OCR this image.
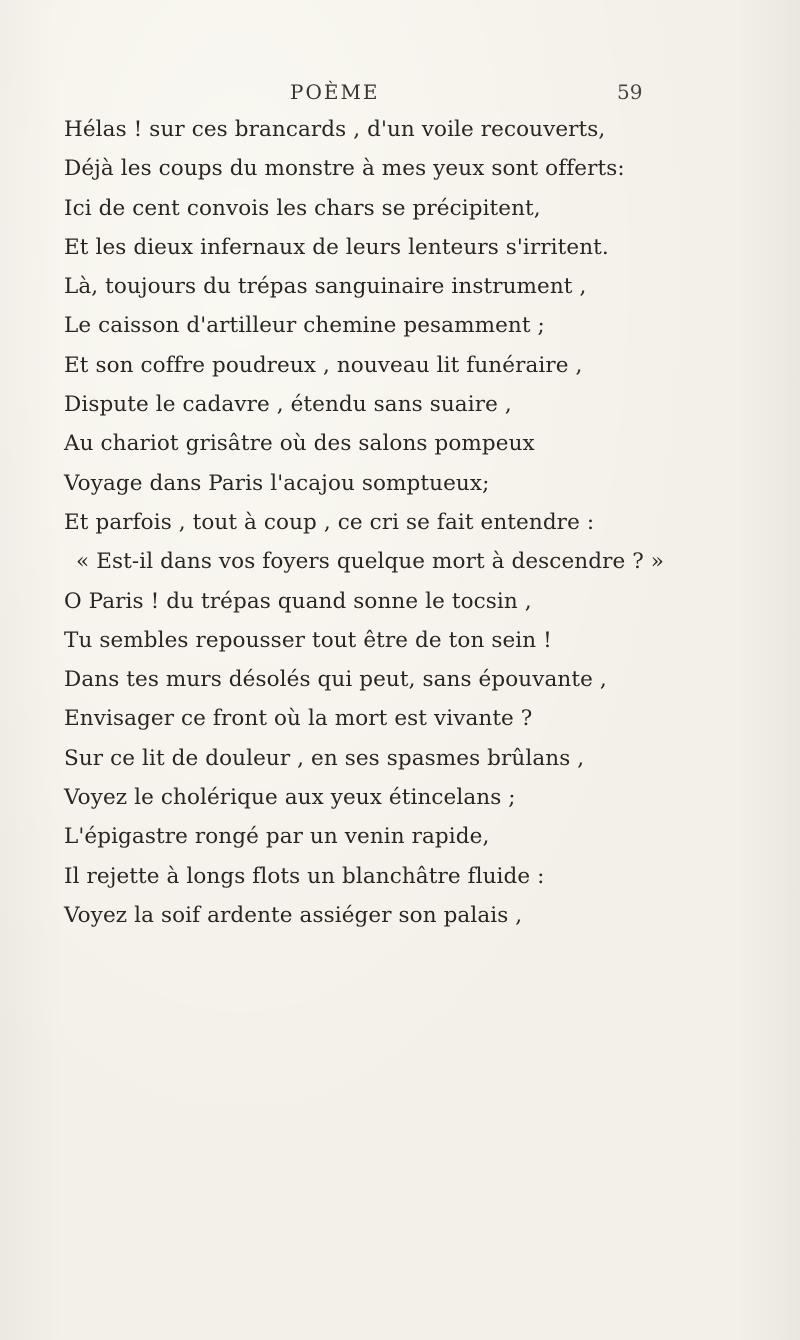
POÈME	59
Hélas ! sur ces brancards , d'un voile recouverts,
Déjà les coups du monstre à mes yeux sont offerts:
Ici de cent convois les chars se précipitent,
Et les dieux infernaux de leurs lenteurs s'irritent.
Là, toujours du trépas sanguinaire instrument ,
Le caisson d'artilleur chemine pesamment ;
Et son coffre poudreux , nouveau lit funéraire ,
Dispute le cadavre , étendu sans suaire ,
Au chariot grisâtre où des salons pompeux
Voyage dans Paris l'acajou somptueux;
Et parfois , tout à coup , ce cri se fait entendre :
« Est-il dans vos foyers quelque mort à descendre ? »
O Paris ! du trépas quand sonne le tocsin ,
Tu sembles repousser tout être de ton sein !
Dans tes murs désolés qui peut, sans épouvante ,
Envisager ce front où la mort est vivante ?
Sur ce lit de douleur , en ses spasmes brûlans ,
Voyez le cholérique aux yeux étincelans ;
L'épigastre rongé par un venin rapide,
Il rejette à longs flots un blanchâtre fluide :
Voyez la soif ardente assiéger son palais ,
